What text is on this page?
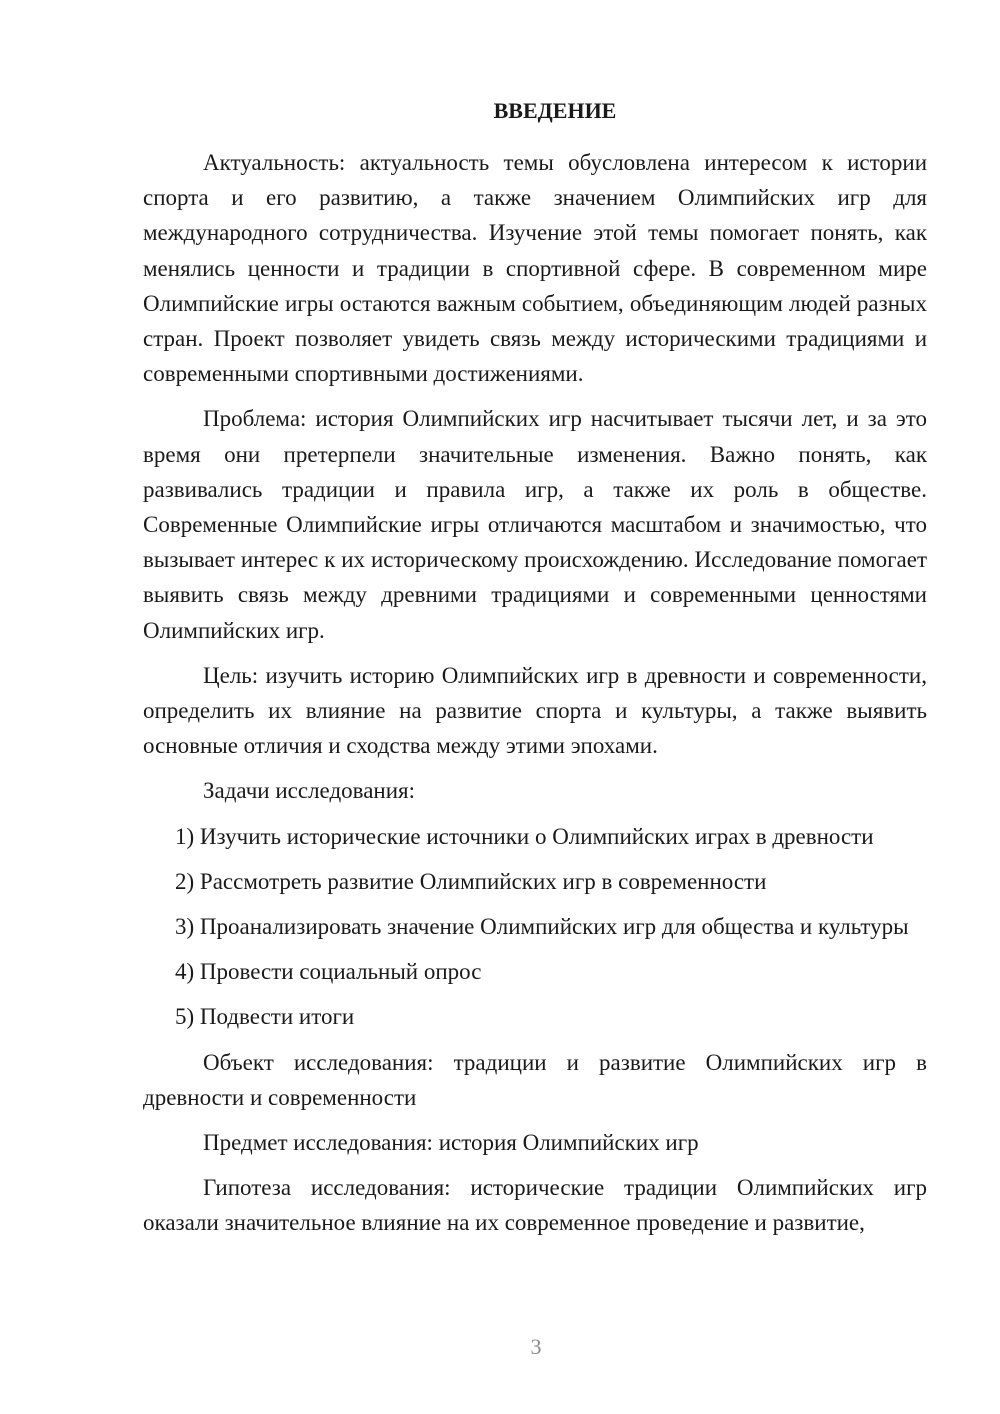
ВВЕДЕНИЕ

Актуальность: актуальность темы обусловлена интересом к истории спорта и его развитию, а также значением Олимпийских игр для международного сотрудничества. Изучение этой темы помогает понять, как менялись ценности и традиции в спортивной сфере. В современном мире Олимпийские игры остаются важным событием, объединяющим людей разных стран. Проект позволяет увидеть связь между историческими традициями и современными спортивными достижениями.

Проблема: история Олимпийских игр насчитывает тысячи лет, и за это время они претерпели значительные изменения. Важно понять, как развивались традиции и правила игр, а также их роль в обществе. Современные Олимпийские игры отличаются масштабом и значимостью, что вызывает интерес к их историческому происхождению. Исследование помогает выявить связь между древними традициями и современными ценностями Олимпийских игр.

Цель: изучить историю Олимпийских игр в древности и современности, определить их влияние на развитие спорта и культуры, а также выявить основные отличия и сходства между этими эпохами.

Задачи исследования:

1) Изучить исторические источники о Олимпийских играх в древности

2) Рассмотреть развитие Олимпийских игр в современности

3) Проанализировать значение Олимпийских игр для общества и культуры

4) Провести социальный опрос

5) Подвести итоги

Объект исследования: традиции и развитие Олимпийских игр в древности и современности

Предмет исследования: история Олимпийских игр

Гипотеза исследования: исторические традиции Олимпийских игр оказали значительное влияние на их современное проведение и развитие,

3
